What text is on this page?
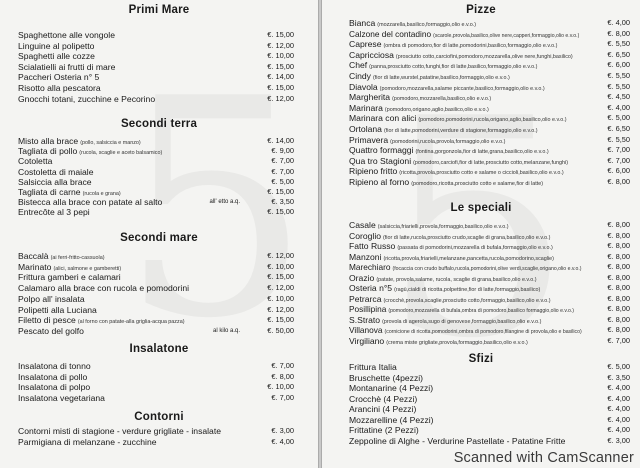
Primi Mare
Spaghettone alle vongole	€. 15,00
Linguine al polipetto	€. 12,00
Spaghetti alle cozze	€. 10,00
Scialatielli ai frutti di mare	€. 15,00
Paccheri Osteria n° 5	€. 14,00
Risotto alla pescatora	€. 15,00
Gnocchi totani, zucchine e Pecorino	€. 12,00
Secondi terra
Misto alla brace (pollo, salsiccia e manzo)	€. 14,00
Tagliata di pollo (rucola, scaglie e aceto balsamico)	€. 9,00
Cotoletta	€. 7,00
Costoletta di maiale	€. 7,00
Salsiccia alla brace	€. 5,00
Tagliata di carne (rucola e grana)	€. 15,00
Bistecca alla brace con patate al salto	all' etto a.q.	€. 3,50
Entrecôte al 3 pepi	€. 15,00
Secondi mare
Baccalà (ai ferri-fritto-cassuola)	€. 12,00
Marinato (alici, salmone e gamberetti)	€. 10,00
Frittura gamberi e calamari	€. 15,00
Calamaro alla brace con rucola e pomodorini	€. 12,00
Polpo all' insalata	€. 10,00
Polipetti alla Luciana	€. 12,00
Filetto di pesce (al forno con patate-alla griglia-acqua pazza)	€. 15,00
Pescato del golfo	al kilo a.q.	€. 50,00
Insalatone
Insalatona di tonno	€. 7,00
Insalatona di pollo	€. 8,00
Insalatona di polpo	€. 10,00
Insalatona vegetariana	€. 7,00
Contorni
Contorni misti di stagione - verdure grigliate - insalate	€. 3,00
Parmigiana di melanzane - zucchine	€. 4,00
Pizze
Bianca (mozzarella,basilico,formaggio,olio e.v.o.)	€. 4,00
Calzone del contadino (scarole,provola,basilico,olive nere,capperi,formaggio,olio e.v.o.)	€. 8,00
Caprese (ombra di pomodoro,fior di latte,pomodorini,basilico,formaggio,olio e.v.o.)	€. 5,50
Capricciosa (prosciutto cotto,carciofini,pomodoro,mozzarella,olive nere,funghi,basilico)	€. 6,50
Chef (panna,prosciutto cotto,funghi,fior di latte,basilico,formaggio,olio e.v.o.)	€. 6,00
Cindy (fior di latte,wurstel,patatine,basilico,formaggio,olio e.v.o.)	€. 5,50
Diavola (pomodoro,mozzarella,salame piccante,basilico,formaggio,olio e.v.o.)	€. 5,50
Margherita (pomodoro,mozzarella,basilico,olio e.v.o.)	€. 4,50
Marinara (pomodoro,origano,aglio,basilico,olio e.v.o.)	€. 4,00
Marinara con alici (pomodoro,pomodorini,rucola,origano,aglio,basilico,olio e.v.o.)	€. 5,00
Ortolana (fior di latte,pomodorini,verdure di stagione,formaggio,olio e.v.o.)	€. 6,50
Primavera (pomodorini,rucola,provola,formaggio,olio e.v.o.)	€. 5,50
Quattro formaggi (fontina,gorgonzola,fior di latte,grana,basilico,olio e.v.o.)	€. 7,00
Qua tro Stagioni (pomodoro,carciofi,fior di latte,prosciutto cotto,melanzane,funghi)	€. 7,00
Ripieno fritto (ricotta,provola,prosciutto cotto e salame o ciccioli,basilico,olio e.v.o.)	€. 6,00
Ripieno al forno (pomodoro,ricotta,prosciutto cotto e salame,fior di latte)	€. 8,00
Le speciali
Casale (salsiccia,friarielli,provola,formaggio,basilico,olio e.v.o.)	€. 8,00
Coroglio (fior di latte,rucola,prosciutto crudo,scaglie di grana,basilico,olio e.v.o.)	€. 8,00
Fatto Russo (passata di pomodorini,mozzarella di bufala,formaggio,olio e.v.o.)	€. 8,00
Manzoni (ricotta,provola,friarielli,melanzane,pancetta,rucola,pomodorino,scaglie)	€. 8,00
Marechiaro (focaccia con crudo buffalo,rucola,pomodorini,olive verdi,scaglie,origano,olio e.v.o.)	€. 8,00
Orazio (patate, provola,salame, rucola, scaglie di grana,basilico,olio e.v.o.)	€. 8,00
Osteria n°5 (ragù,cialdi di ricotta,polpettine,fior di latte,formaggio,basilico)	€. 8,00
Petrarca (crocchè,provola,scaglie,prosciutto cotto,formaggio,basilico,olio e.v.o.)	€. 8,00
Posillipina (pomodoro,mozzarella di bufala,ombra di pomodoro,basilico formaggio,olio e.v.o.)	€. 8,00
S.Strato (provola di agerola,sugo di genovese,formaggio,basilico,olio e.v.o.)	€. 8,00
Villanova (cornicione di ricotta,pomodorini,ombra di pomodoro,filangine di provola,olio e basilico)	€. 8,00
Virgiliano (crema miste grigliate,provola,formaggio,basilico,olio e.v.o.)	€. 7,00
Sfizi
Frittura Italia	€. 5,00
Bruschette (4pezzi)	€. 3,50
Montanarine (4 Pezzi)	€. 4,00
Crocchè (4 Pezzi)	€. 4,00
Arancini (4 Pezzi)	€. 4,00
Mozzarelline (4 Pezzi)	€. 4,00
Frittatine (2 Pezzi)	€. 4,00
Zeppoline di Alghe - Verdurine Pastellate - Patatine Fritte	€. 3,00
Scanned with CamScanner
